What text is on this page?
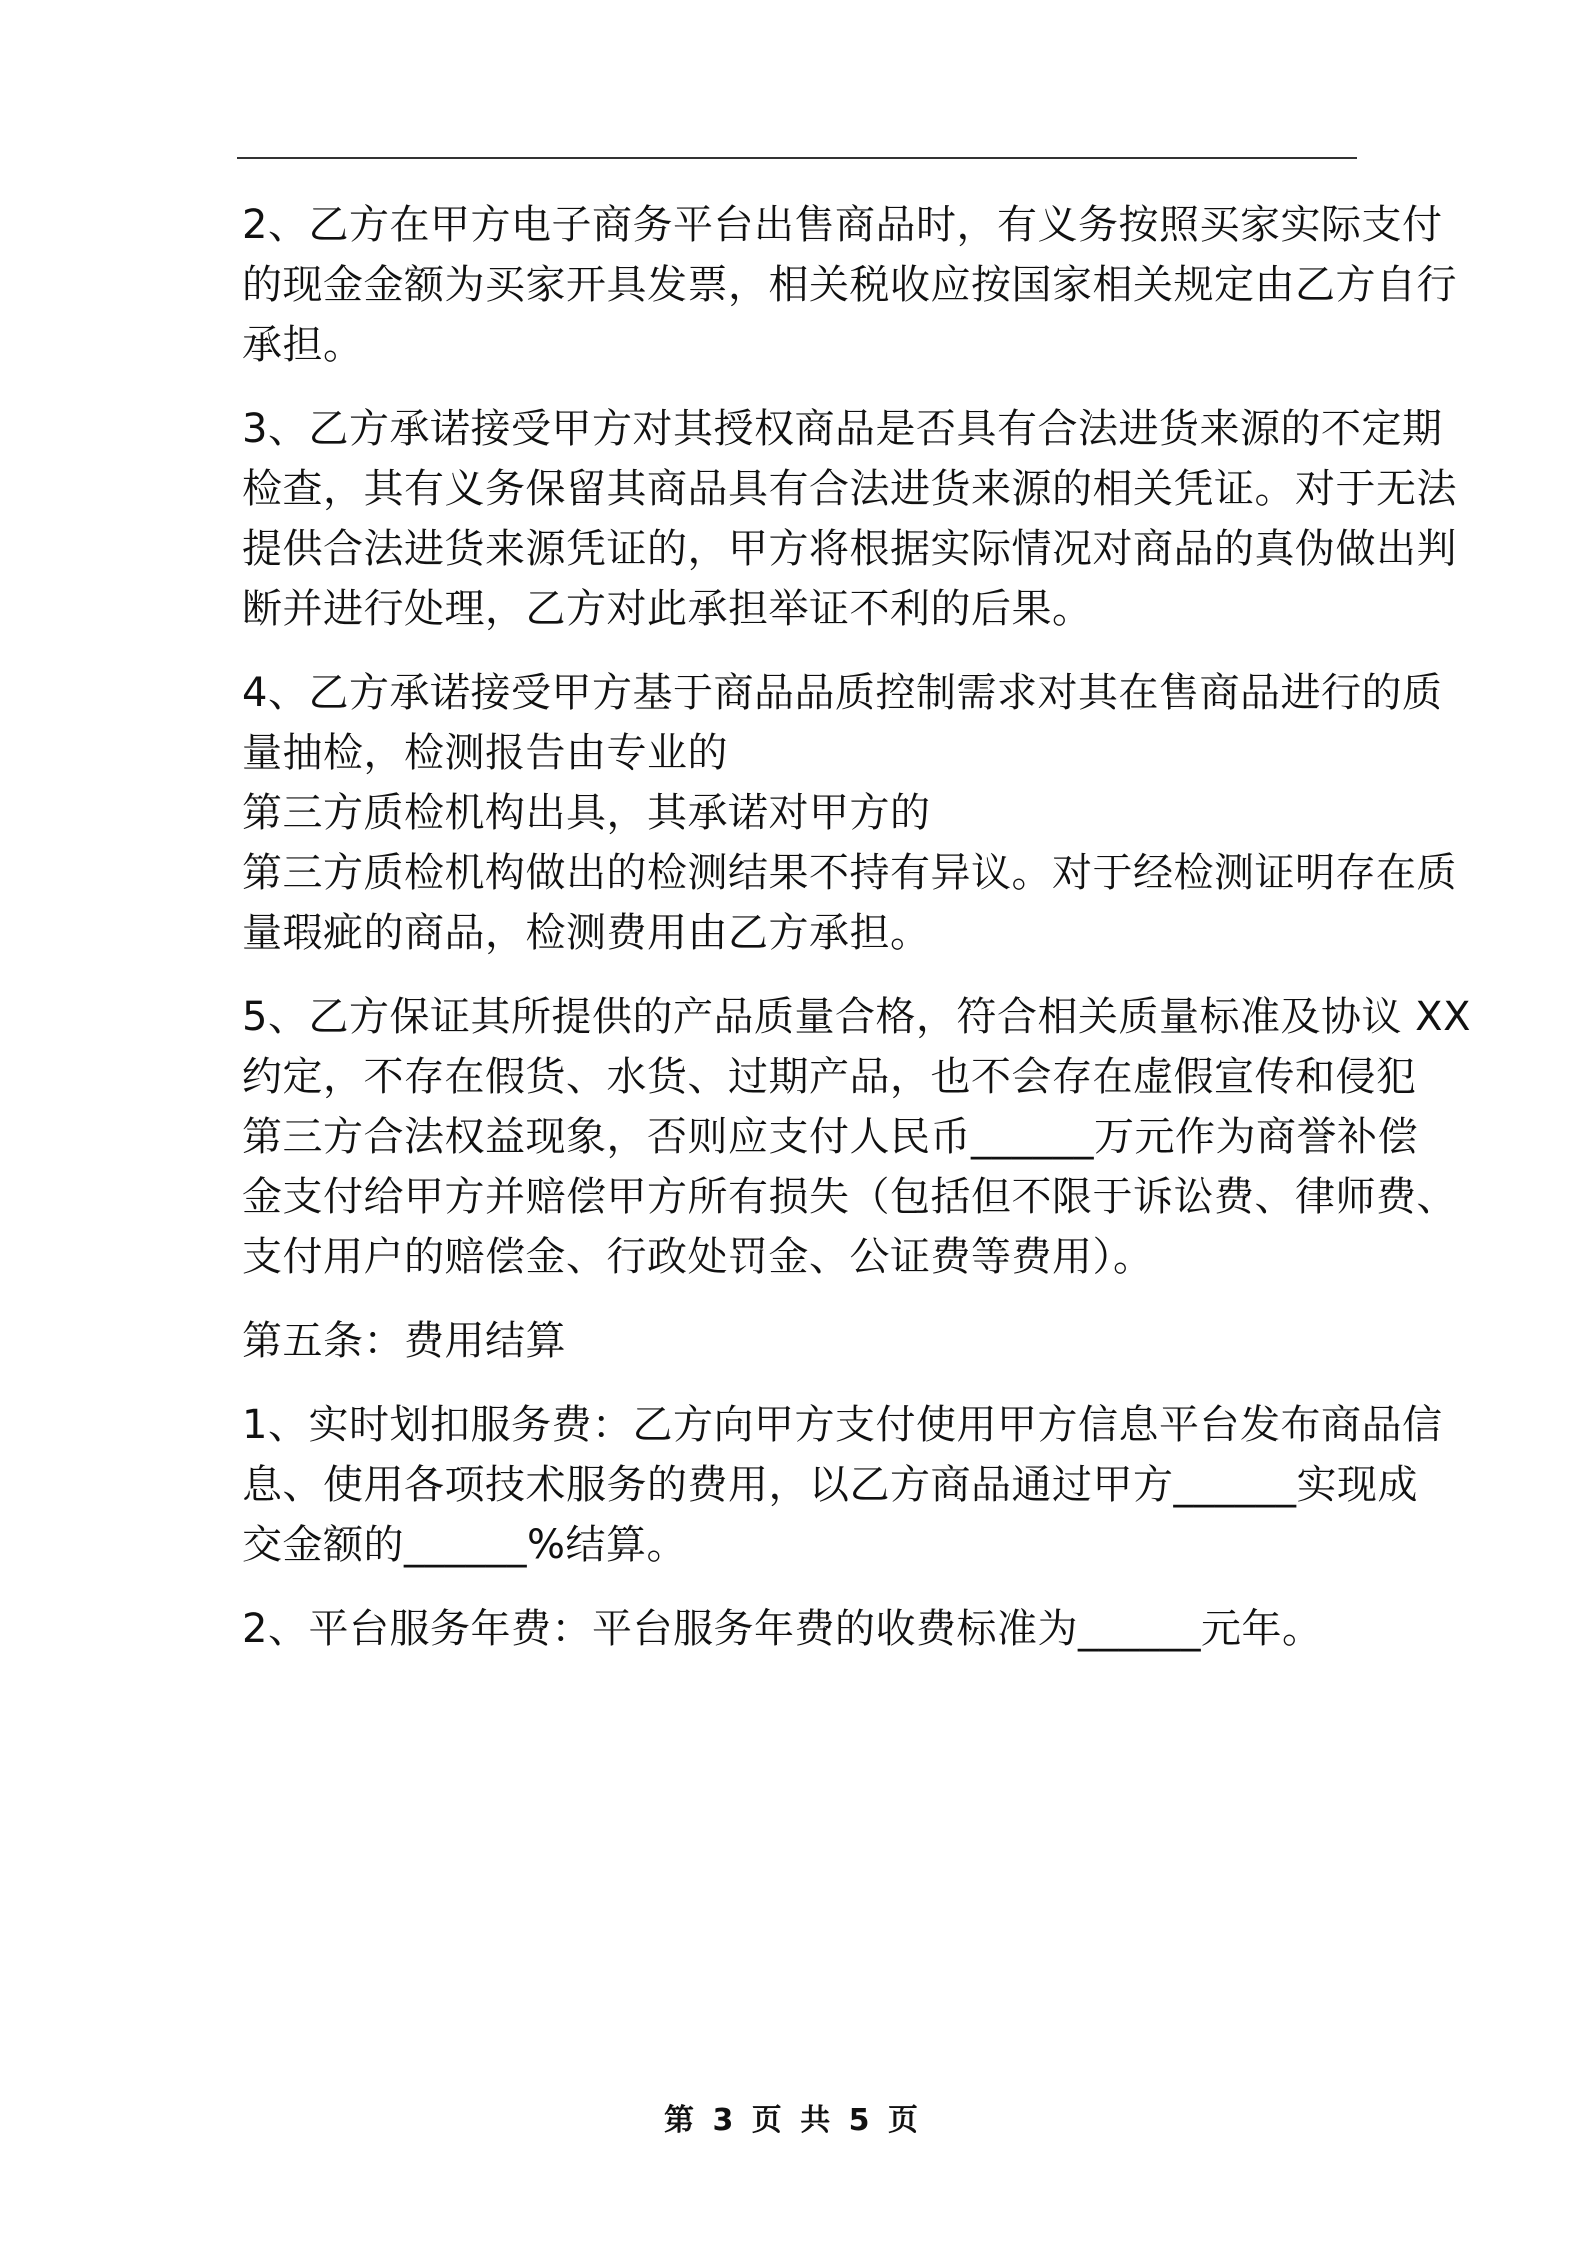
2、乙方在甲方电子商务平台出售商品时，有义务按照买家实际支付
的现金金额为买家开具发票，相关税收应按国家相关规定由乙方自行
承担。
3、乙方承诺接受甲方对其授权商品是否具有合法进货来源的不定期
检查，其有义务保留其商品具有合法进货来源的相关凭证。对于无法
提供合法进货来源凭证的，甲方将根据实际情况对商品的真伪做出判
断并进行处理，乙方对此承担举证不利的后果。
4、乙方承诺接受甲方基于商品品质控制需求对其在售商品进行的质
量抽检，检测报告由专业的
第三方质检机构出具，其承诺对甲方的
第三方质检机构做出的检测结果不持有异议。对于经检测证明存在质
量瑕疵的商品，检测费用由乙方承担。
5、乙方保证其所提供的产品质量合格，符合相关质量标准及协议 XX
约定，不存在假货、水货、过期产品，也不会存在虚假宣传和侵犯
第三方合法权益现象，否则应支付人民币______万元作为商誉补偿
金支付给甲方并赔偿甲方所有损失（包括但不限于诉讼费、律师费、
支付用户的赔偿金、行政处罚金、公证费等费用）。
第五条：费用结算
1、实时划扣服务费：乙方向甲方支付使用甲方信息平台发布商品信
息、使用各项技术服务的费用，以乙方商品通过甲方______实现成
交金额的______%结算。
2、平台服务年费：平台服务年费的收费标准为______元年。
第 3 页 共 5 页
